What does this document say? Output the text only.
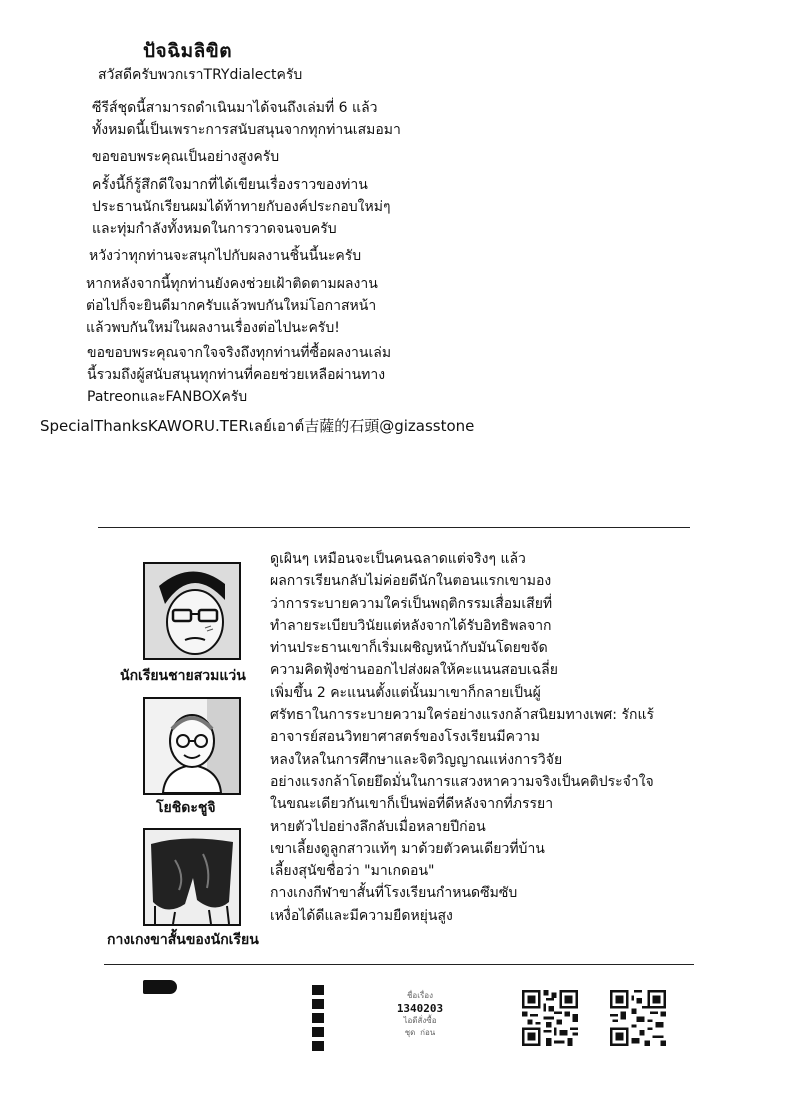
ปัจฉิมลิขิต
สวัสดีครับพวกเราTRYdialectครับ
ซีรีส์ชุดนี้สามารถดำเนินมาได้จนถึงเล่มที่ 6 แล้ว
ทั้งหมดนี้เป็นเพราะการสนับสนุนจากทุกท่านเสมอมา
ขอขอบพระคุณเป็นอย่างสูงครับ
ครั้งนี้ก็รู้สึกดีใจมากที่ได้เขียนเรื่องราวของท่าน
ประธานนักเรียนผมได้ท้าทายกับองค์ประกอบใหม่ๆ
และทุ่มกำลังทั้งหมดในการวาดจนจบครับ
หวังว่าทุกท่านจะสนุกไปกับผลงานชิ้นนี้นะครับ
หากหลังจากนี้ทุกท่านยังคงช่วยเฝ้าติดตามผลงาน
ต่อไปก็จะยินดีมากครับแล้วพบกันใหม่โอกาสหน้า
แล้วพบกันใหม่ในผลงานเรื่องต่อไปนะครับ!
ขอขอบพระคุณจากใจจริงถึงทุกท่านที่ซื้อผลงานเล่ม
นี้รวมถึงผู้สนับสนุนทุกท่านที่คอยช่วยเหลือผ่านทาง
PatreonและFANBOXครับ
SpecialThanksKAWORU.TERเลย์เอาต์吉薩的石頭@gizasstone
นักเรียนชายสวมแว่น
โยชิดะชูจิ
กางเกงขาสั้นของนักเรียน
ดูเผินๆ เหมือนจะเป็นคนฉลาดแต่จริงๆ แล้ว
ผลการเรียนกลับไม่ค่อยดีนักในตอนแรกเขามอง
ว่าการระบายความใคร่เป็นพฤติกรรมเสื่อมเสียที่
ทำลายระเบียบวินัยแต่หลังจากได้รับอิทธิพลจาก
ท่านประธานเขาก็เริ่มเผชิญหน้ากับมันโดยขจัด
ความคิดฟุ้งซ่านออกไปส่งผลให้คะแนนสอบเฉลี่ย
เพิ่มขึ้น 2 คะแนนตั้งแต่นั้นมาเขาก็กลายเป็นผู้
ศรัทธาในการระบายความใคร่อย่างแรงกล้าสนิยมทางเพศ: รักแร้
อาจารย์สอนวิทยาศาสตร์ของโรงเรียนมีความ
หลงใหลในการศึกษาและจิตวิญญาณแห่งการวิจัย
อย่างแรงกล้าโดยยึดมั่นในการแสวงหาความจริงเป็นคติประจำใจ
ในขณะเดียวกันเขาก็เป็นพ่อที่ดีหลังจากที่ภรรยา
หายตัวไปอย่างลึกลับเมื่อหลายปีก่อน
เขาเลี้ยงดูลูกสาวแท้ๆ มาด้วยตัวคนเดียวที่บ้าน
เลี้ยงสุนัขชื่อว่า "มาเกดอน"
กางเกงกีฬาขาสั้นที่โรงเรียนกำหนดซึมซับ
เหงื่อได้ดีและมีความยืดหยุ่นสูง
ชื่อเรื่อง
1340203
ไอดีสั่งซื้อ
ชุด ก่อน
